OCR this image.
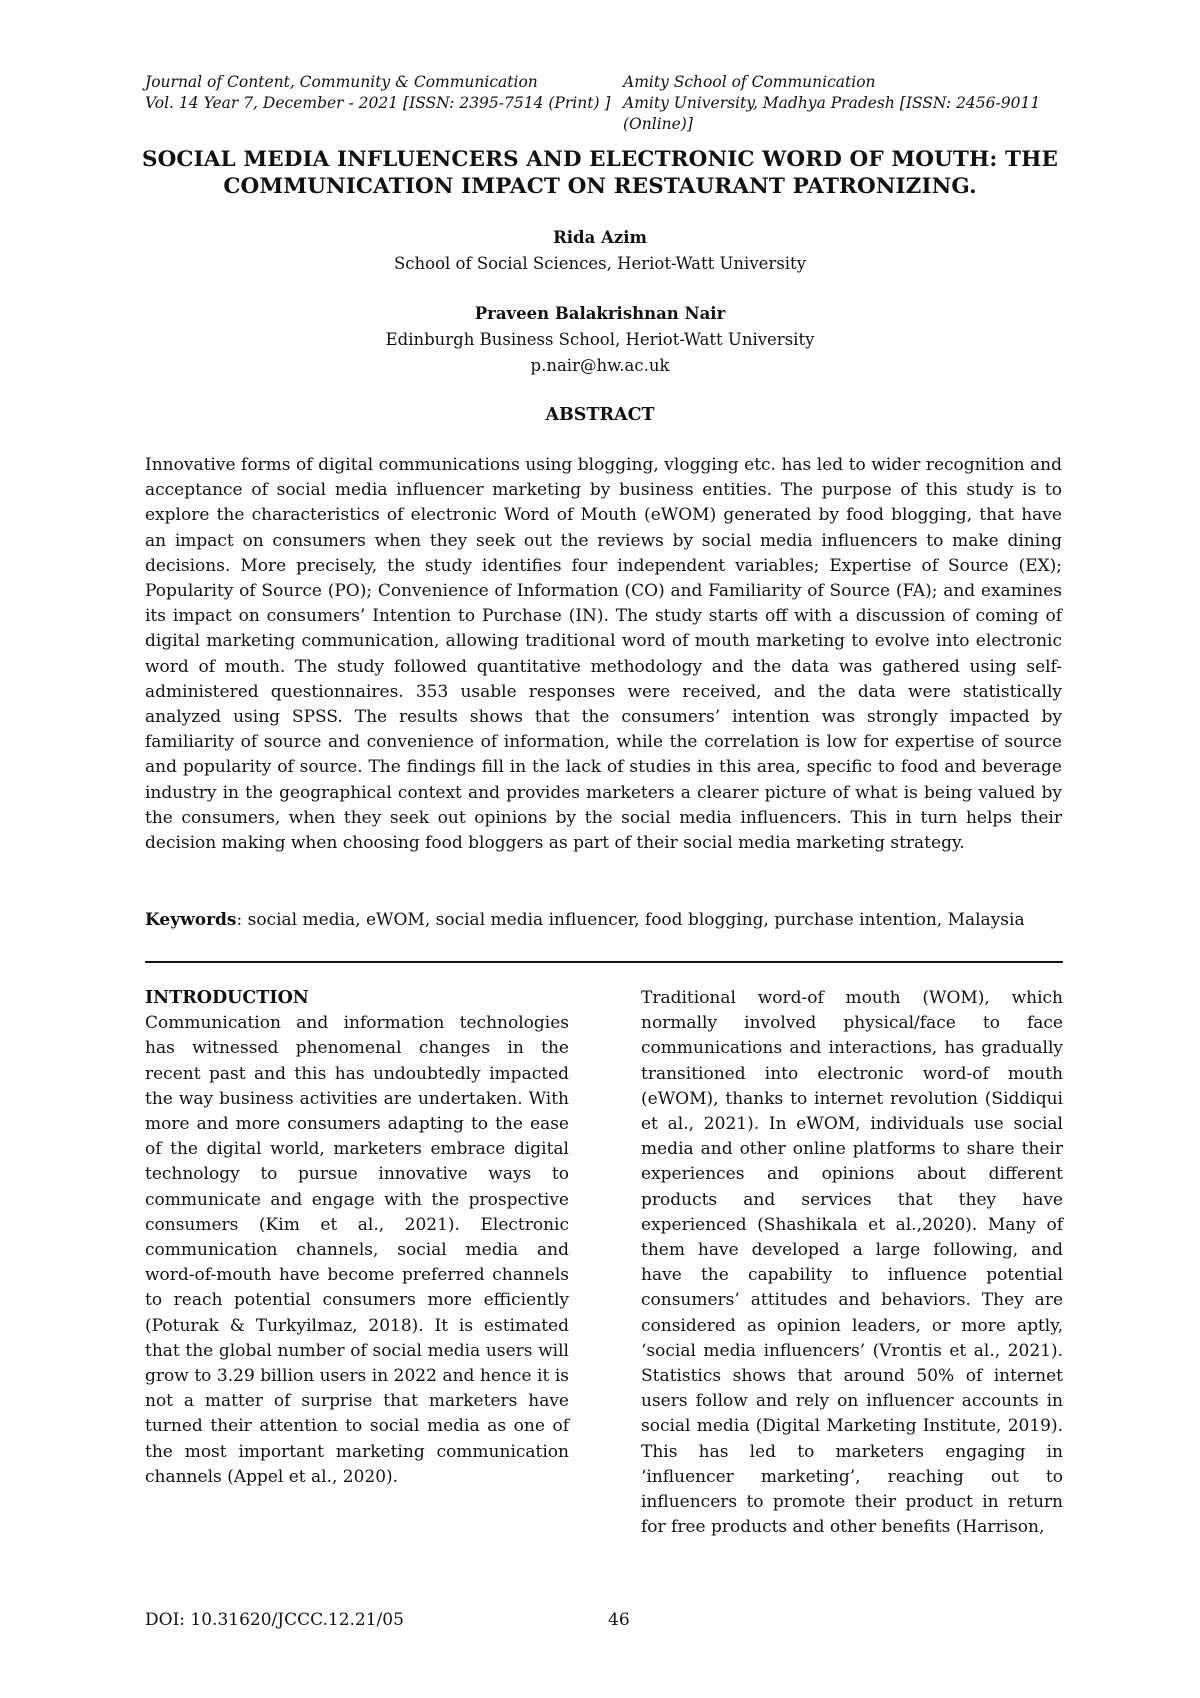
Journal of Content, Community & Communication
Vol. 14 Year 7, December - 2021 [ISSN: 2395-7514 (Print) ]
Amity School of Communication
Amity University, Madhya Pradesh [ISSN: 2456-9011 (Online)]
SOCIAL MEDIA INFLUENCERS AND ELECTRONIC WORD OF MOUTH: THE
COMMUNICATION IMPACT ON RESTAURANT PATRONIZING.
Rida Azim
School of Social Sciences, Heriot-Watt University
Praveen Balakrishnan Nair
Edinburgh Business School, Heriot-Watt University
p.nair@hw.ac.uk
ABSTRACT
Innovative forms of digital communications using blogging, vlogging etc. has led to wider recognition and acceptance of social media influencer marketing by business entities. The purpose of this study is to explore the characteristics of electronic Word of Mouth (eWOM) generated by food blogging, that have an impact on consumers when they seek out the reviews by social media influencers to make dining decisions. More precisely, the study identifies four independent variables; Expertise of Source (EX); Popularity of Source (PO); Convenience of Information (CO) and Familiarity of Source (FA); and examines its impact on consumers’ Intention to Purchase (IN). The study starts off with a discussion of coming of digital marketing communication, allowing traditional word of mouth marketing to evolve into electronic word of mouth. The study followed quantitative methodology and the data was gathered using self-administered questionnaires. 353 usable responses were received, and the data were statistically analyzed using SPSS. The results shows that the consumers’ intention was strongly impacted by familiarity of source and convenience of information, while the correlation is low for expertise of source and popularity of source. The findings fill in the lack of studies in this area, specific to food and beverage industry in the geographical context and provides marketers a clearer picture of what is being valued by the consumers, when they seek out opinions by the social media influencers. This in turn helps their decision making when choosing food bloggers as part of their social media marketing strategy.
Keywords: social media, eWOM, social media influencer, food blogging, purchase intention, Malaysia
INTRODUCTION
Communication and information technologies has witnessed phenomenal changes in the recent past and this has undoubtedly impacted the way business activities are undertaken. With more and more consumers adapting to the ease of the digital world, marketers embrace digital technology to pursue innovative ways to communicate and engage with the prospective consumers (Kim et al., 2021). Electronic communication channels, social media and word-of-mouth have become preferred channels to reach potential consumers more efficiently (Poturak & Turkyilmaz, 2018). It is estimated that the global number of social media users will grow to 3.29 billion users in 2022 and hence it is not a matter of surprise that marketers have turned their attention to social media as one of the most important marketing communication channels (Appel et al., 2020).
Traditional word-of mouth (WOM), which normally involved physical/face to face communications and interactions, has gradually transitioned into electronic word-of mouth (eWOM), thanks to internet revolution (Siddiqui et al., 2021). In eWOM, individuals use social media and other online platforms to share their experiences and opinions about different products and services that they have experienced (Shashikala et al.,2020). Many of them have developed a large following, and have the capability to influence potential consumers’ attitudes and behaviors. They are considered as opinion leaders, or more aptly, ‘social media influencers’ (Vrontis et al., 2021). Statistics shows that around 50% of internet users follow and rely on influencer accounts in social media (Digital Marketing Institute, 2019). This has led to marketers engaging in ‘influencer marketing’, reaching out to influencers to promote their product in return for free products and other benefits (Harrison,
DOI: 10.31620/JCCC.12.21/05	46
